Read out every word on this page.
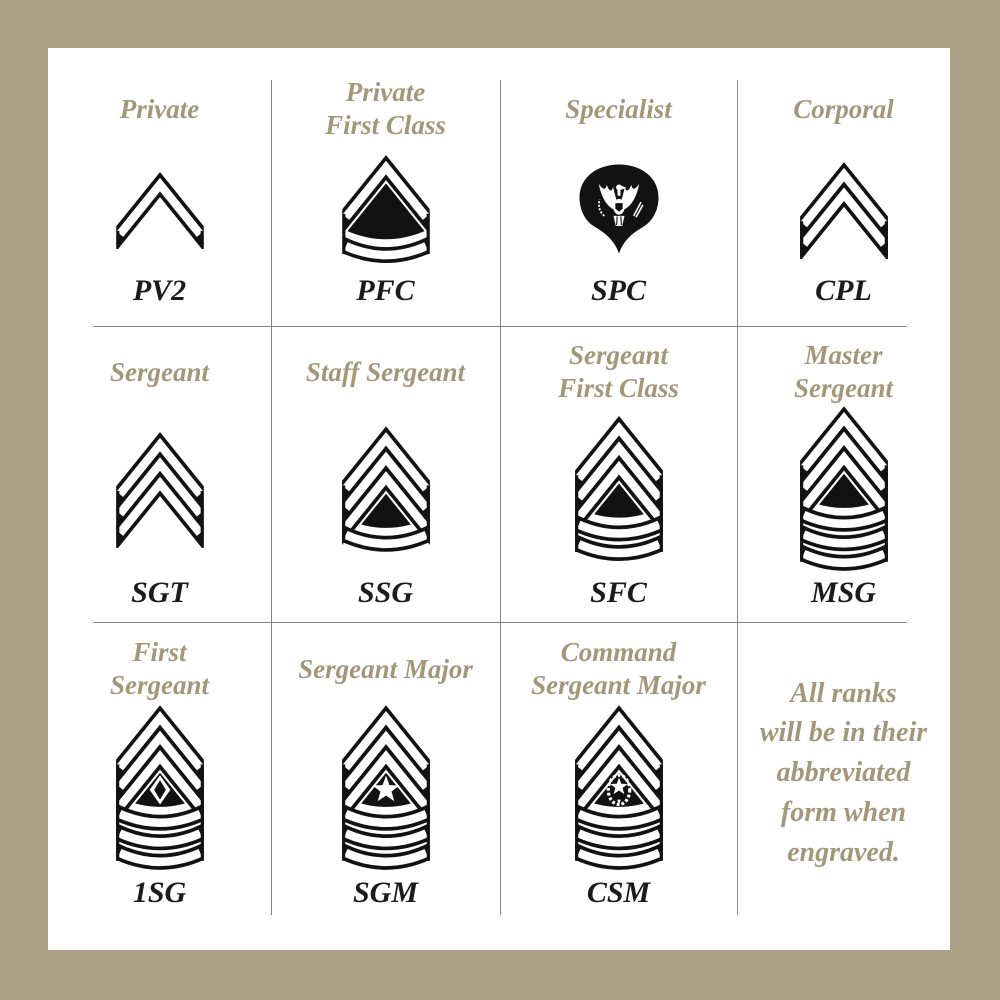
Private
PV2
Private
First Class
PFC
Specialist
SPC
Corporal
CPL
Sergeant
SGT
Staff Sergeant
SSG
Sergeant
First Class
SFC
Master
Sergeant
MSG
First
Sergeant
1SG
Sergeant Major
SGM
Command
Sergeant Major
CSM
All ranks
will be in their
abbreviated
form when
engraved.
